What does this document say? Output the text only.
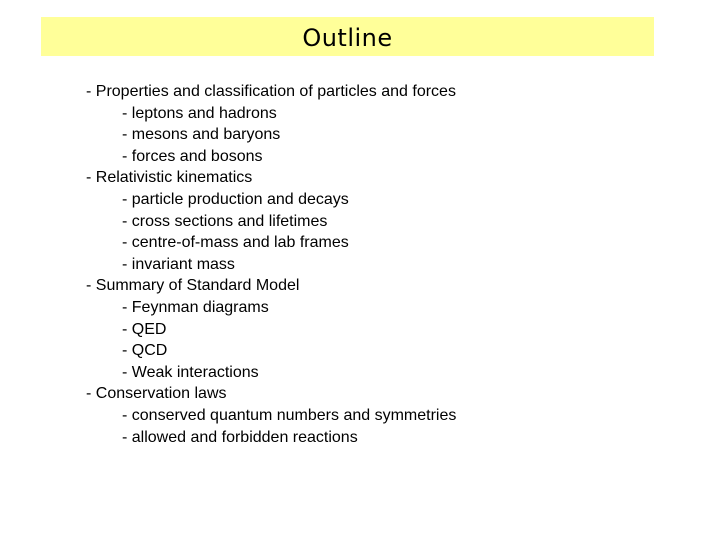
Outline
- Properties and classification of particles and forces
- leptons and hadrons
- mesons and baryons
- forces and bosons
- Relativistic kinematics
- particle production and decays
- cross sections and lifetimes
- centre-of-mass and lab frames
- invariant mass
- Summary of Standard Model
- Feynman diagrams
- QED
- QCD
- Weak interactions
- Conservation laws
- conserved quantum numbers and symmetries
- allowed and forbidden reactions
